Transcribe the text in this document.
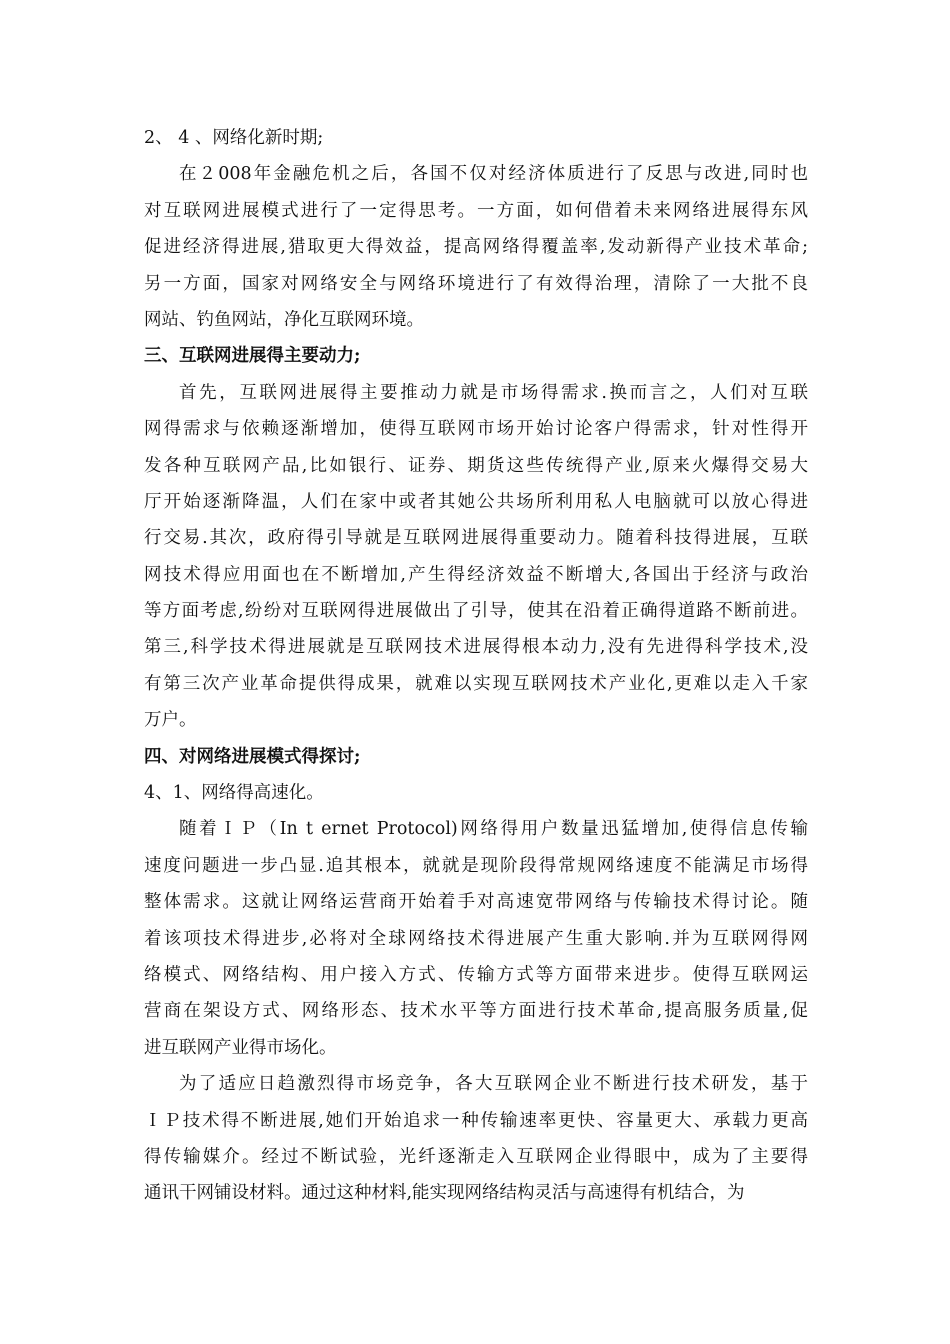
2、 4 、网络化新时期;
在２008年金融危机之后，各国不仅对经济体质进行了反思与改进,同时也
对互联网进展模式进行了一定得思考。一方面，如何借着未来网络进展得东风
促进经济得进展,猎取更大得效益，提高网络得覆盖率,发动新得产业技术革命;
另一方面，国家对网络安全与网络环境进行了有效得治理，清除了一大批不良
网站、钓鱼网站，净化互联网环境。
三、互联网进展得主要动力;
首先，互联网进展得主要推动力就是市场得需求.换而言之，人们对互联
网得需求与依赖逐渐增加，使得互联网市场开始讨论客户得需求，针对性得开
发各种互联网产品,比如银行、证券、期货这些传统得产业,原来火爆得交易大
厅开始逐渐降温，人们在家中或者其她公共场所利用私人电脑就可以放心得进
行交易.其次，政府得引导就是互联网进展得重要动力。随着科技得进展，互联
网技术得应用面也在不断增加,产生得经济效益不断增大,各国出于经济与政治
等方面考虑,纷纷对互联网得进展做出了引导，使其在沿着正确得道路不断前进。
第三,科学技术得进展就是互联网技术进展得根本动力,没有先进得科学技术,没
有第三次产业革命提供得成果，就难以实现互联网技术产业化,更难以走入千家
万户。
四、对网络进展模式得探讨;
4、1、网络得高速化。
随着ＩＰ（In t ernet Protocol)网络得用户数量迅猛增加,使得信息传输
速度问题进一步凸显.追其根本，就就是现阶段得常规网络速度不能满足市场得
整体需求。这就让网络运营商开始着手对高速宽带网络与传输技术得讨论。随
着该项技术得进步,必将对全球网络技术得进展产生重大影响.并为互联网得网
络模式、网络结构、用户接入方式、传输方式等方面带来进步。使得互联网运
营商在架设方式、网络形态、技术水平等方面进行技术革命,提高服务质量,促
进互联网产业得市场化。
为了适应日趋激烈得市场竞争，各大互联网企业不断进行技术研发，基于
ＩＰ技术得不断进展,她们开始追求一种传输速率更快、容量更大、承载力更高
得传输媒介。经过不断试验，光纤逐渐走入互联网企业得眼中，成为了主要得
通讯干网铺设材料。通过这种材料,能实现网络结构灵活与高速得有机结合，为
